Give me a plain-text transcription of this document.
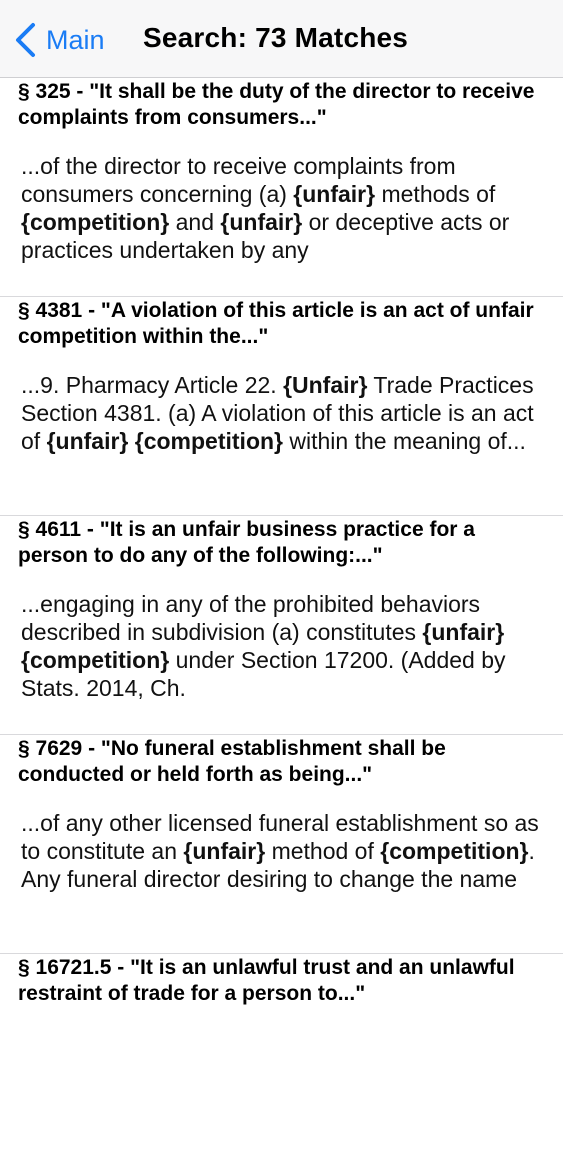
Main Search: 73 Matches

§ 325 - "It shall be the duty of the director to receive complaints from consumers..."

...of the director to receive complaints from consumers concerning (a) {unfair} methods of {competition} and {unfair} or deceptive acts or practices undertaken by any

§ 4381 - "A violation of this article is an act of unfair competition within the..."

...9. Pharmacy Article 22. {Unfair} Trade Practices Section 4381. (a) A violation of this article is an act of {unfair} {competition} within the meaning of...

§ 4611 - "It is an unfair business practice for a person to do any of the following:..."

...engaging in any of the prohibited behaviors described in subdivision (a) constitutes {unfair} {competition} under Section 17200. (Added by Stats. 2014, Ch.

§ 7629 - "No funeral establishment shall be conducted or held forth as being..."

...of any other licensed funeral establishment so as to constitute an {unfair} method of {competition}. Any funeral director desiring to change the name

§ 16721.5 - "It is an unlawful trust and an unlawful restraint of trade for a person to..."
